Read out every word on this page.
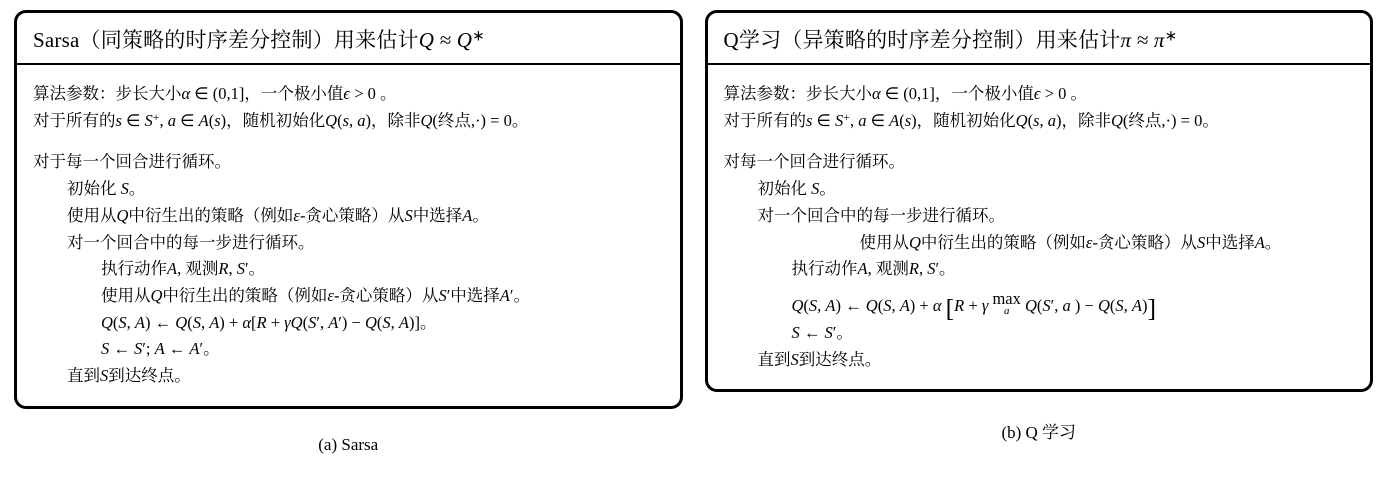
Sarsa（同策略的时序差分控制）用来估计Q ≈ Q∗
算法参数：步长大小α ∈ (0,1]，一个极小值ϵ > 0 。
对于所有的s ∈ S+, a ∈ A(s)，随机初始化Q(s, a)，除非Q(终点,·) = 0。
对于每一个回合进行循环。
初始化 S。
使用从Q中衍生出的策略（例如ε-贪心策略）从S中选择A。
对一个回合中的每一步进行循环。
执行动作A, 观测R, S′。
使用从Q中衍生出的策略（例如ε-贪心策略）从S′中选择A′。
Q(S, A) ← Q(S, A) + α[R + γQ(S′, A′) − Q(S, A)]。
S ← S′; A ← A′。
直到S到达终点。
(a) Sarsa
Q学习（异策略的时序差分控制）用来估计π ≈ π∗
算法参数：步长大小α ∈ (0,1]，一个极小值ϵ > 0 。
对于所有的s ∈ S+, a ∈ A(s)，随机初始化Q(s, a)，除非Q(终点,·) = 0。
对每一个回合进行循环。
初始化 S。
对一个回合中的每一步进行循环。
使用从Q中衍生出的策略（例如ε-贪心策略）从S中选择A。
执行动作A, 观测R, S′。
Q(S, A) ← Q(S, A) + α [R + γ max
a Q(S′, a ) − Q(S, A)]
S ← S′。
直到S到达终点。
(b) Q 学习
